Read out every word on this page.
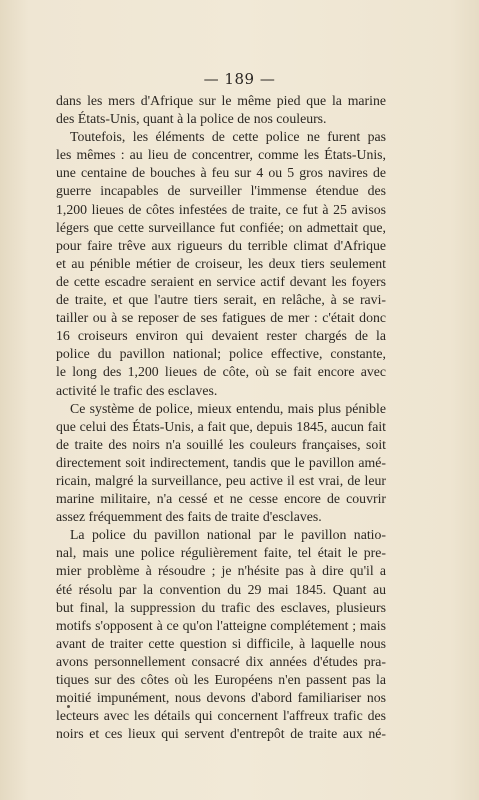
— 189 —

dans les mers d'Afrique sur le même pied que la marine

des États-Unis, quant à la police de nos couleurs.

Toutefois, les éléments de cette police ne furent pas

les mêmes : au lieu de concentrer, comme les États-Unis,

une centaine de bouches à feu sur 4 ou 5 gros navires de

guerre incapables de surveiller l'immense étendue des

1,200 lieues de côtes infestées de traite, ce fut à 25 avisos

légers que cette surveillance fut confiée; on admettait que,

pour faire trêve aux rigueurs du terrible climat d'Afrique

et au pénible métier de croiseur, les deux tiers seulement

de cette escadre seraient en service actif devant les foyers

de traite, et que l'autre tiers serait, en relâche, à se ravi-

tailler ou à se reposer de ses fatigues de mer : c'était donc

16 croiseurs environ qui devaient rester chargés de la

police du pavillon national; police effective, constante,

le long des 1,200 lieues de côte, où se fait encore avec

activité le trafic des esclaves.

Ce système de police, mieux entendu, mais plus pénible

que celui des États-Unis, a fait que, depuis 1845, aucun fait

de traite des noirs n'a souillé les couleurs françaises, soit

directement soit indirectement, tandis que le pavillon amé-

ricain, malgré la surveillance, peu active il est vrai, de leur

marine militaire, n'a cessé et ne cesse encore de couvrir

assez fréquemment des faits de traite d'esclaves.

La police du pavillon national par le pavillon natio-

nal, mais une police régulièrement faite, tel était le pre-

mier problème à résoudre ; je n'hésite pas à dire qu'il a

été résolu par la convention du 29 mai 1845. Quant au

but final, la suppression du trafic des esclaves, plusieurs

motifs s'opposent à ce qu'on l'atteigne complétement ; mais

avant de traiter cette question si difficile, à laquelle nous

avons personnellement consacré dix années d'études pra-

tiques sur des côtes où les Européens n'en passent pas la

moitié impunément, nous devons d'abord familiariser nos

lecteurs avec les détails qui concernent l'affreux trafic des

noirs et ces lieux qui servent d'entrepôt de traite aux né-
